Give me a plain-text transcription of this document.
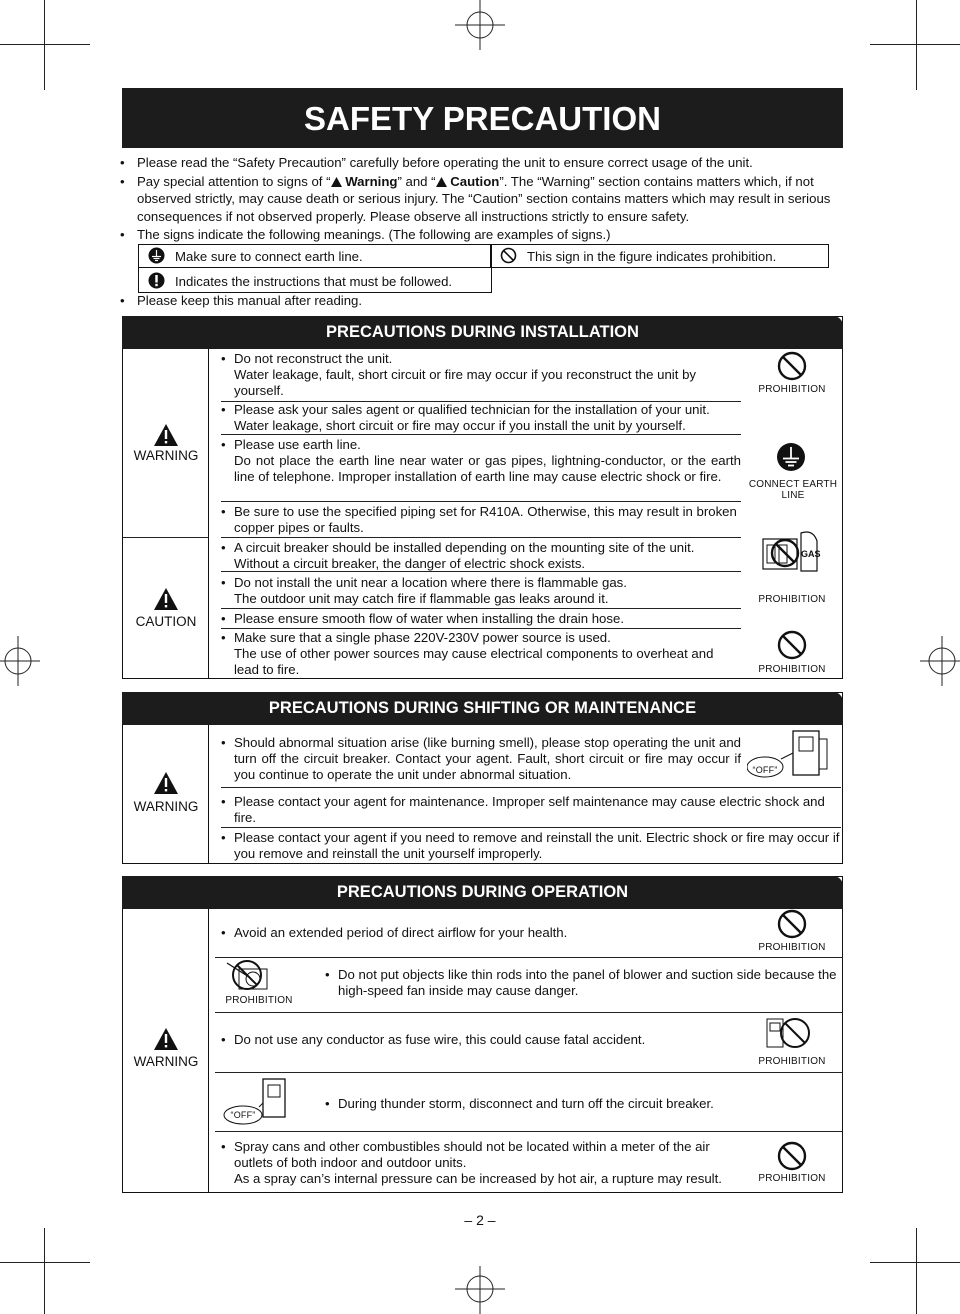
SAFETY PRECAUTION
• Please read the “Safety Precaution” carefully before operating the unit to ensure correct usage of the unit.
• Pay special attention to signs of “ Warning” and “ Caution”. The “Warning” section contains matters which, if not observed strictly, may cause death or serious injury. The “Caution” section contains matters which may result in serious consequences if not observed properly. Please observe all instructions strictly to ensure safety.
• The signs indicate the following meanings. (The following are examples of signs.)
Make sure to connect earth line.	This sign in the figure indicates prohibition.
Indicates the instructions that must be followed.
• Please keep this manual after reading.
PRECAUTIONS DURING INSTALLATION
WARNING
CAUTION
• Do not reconstruct the unit.
Water leakage, fault, short circuit or fire may occur if you reconstruct the unit by yourself.
• Please ask your sales agent or qualified technician for the installation of your unit.
Water leakage, short circuit or fire may occur if you install the unit by yourself.
• Please use earth line.
Do not place the earth line near water or gas pipes, lightning-conductor, or the earth line of telephone. Improper installation of earth line may cause electric shock or fire.
• Be sure to use the specified piping set for R410A. Otherwise, this may result in broken copper pipes or faults.
• A circuit breaker should be installed depending on the mounting site of the unit.
Without a circuit breaker, the danger of electric shock exists.
• Do not install the unit near a location where there is flammable gas.
The outdoor unit may catch fire if flammable gas leaks around it.
• Please ensure smooth flow of water when installing the drain hose.
• Make sure that a single phase 220V-230V power source is used.
The use of other power sources may cause electrical components to overheat and lead to fire.
PROHIBITION
CONNECT EARTH LINE
GAS
PROHIBITION
PROHIBITION
PRECAUTIONS DURING SHIFTING OR MAINTENANCE
WARNING
• Should abnormal situation arise (like burning smell), please stop operating the unit and turn off the circuit breaker. Contact your agent. Fault, short circuit or fire may occur if you continue to operate the unit under abnormal situation.
• Please contact your agent for maintenance. Improper self maintenance may cause electric shock and fire.
• Please contact your agent if you need to remove and reinstall the unit. Electric shock or fire may occur if you remove and reinstall the unit yourself improperly.
“OFF”
PRECAUTIONS DURING OPERATION
WARNING
• Avoid an extended period of direct airflow for your health.
PROHIBITION
PROHIBITION
• Do not put objects like thin rods into the panel of blower and suction side because the high-speed fan inside may cause danger.
• Do not use any conductor as fuse wire, this could cause fatal accident.
PROHIBITION
“OFF”
• During thunder storm, disconnect and turn off the circuit breaker.
• Spray cans and other combustibles should not be located within a meter of the air outlets of both indoor and outdoor units.
As a spray can’s internal pressure can be increased by hot air, a rupture may result.	PROHIBITION
– 2 –
